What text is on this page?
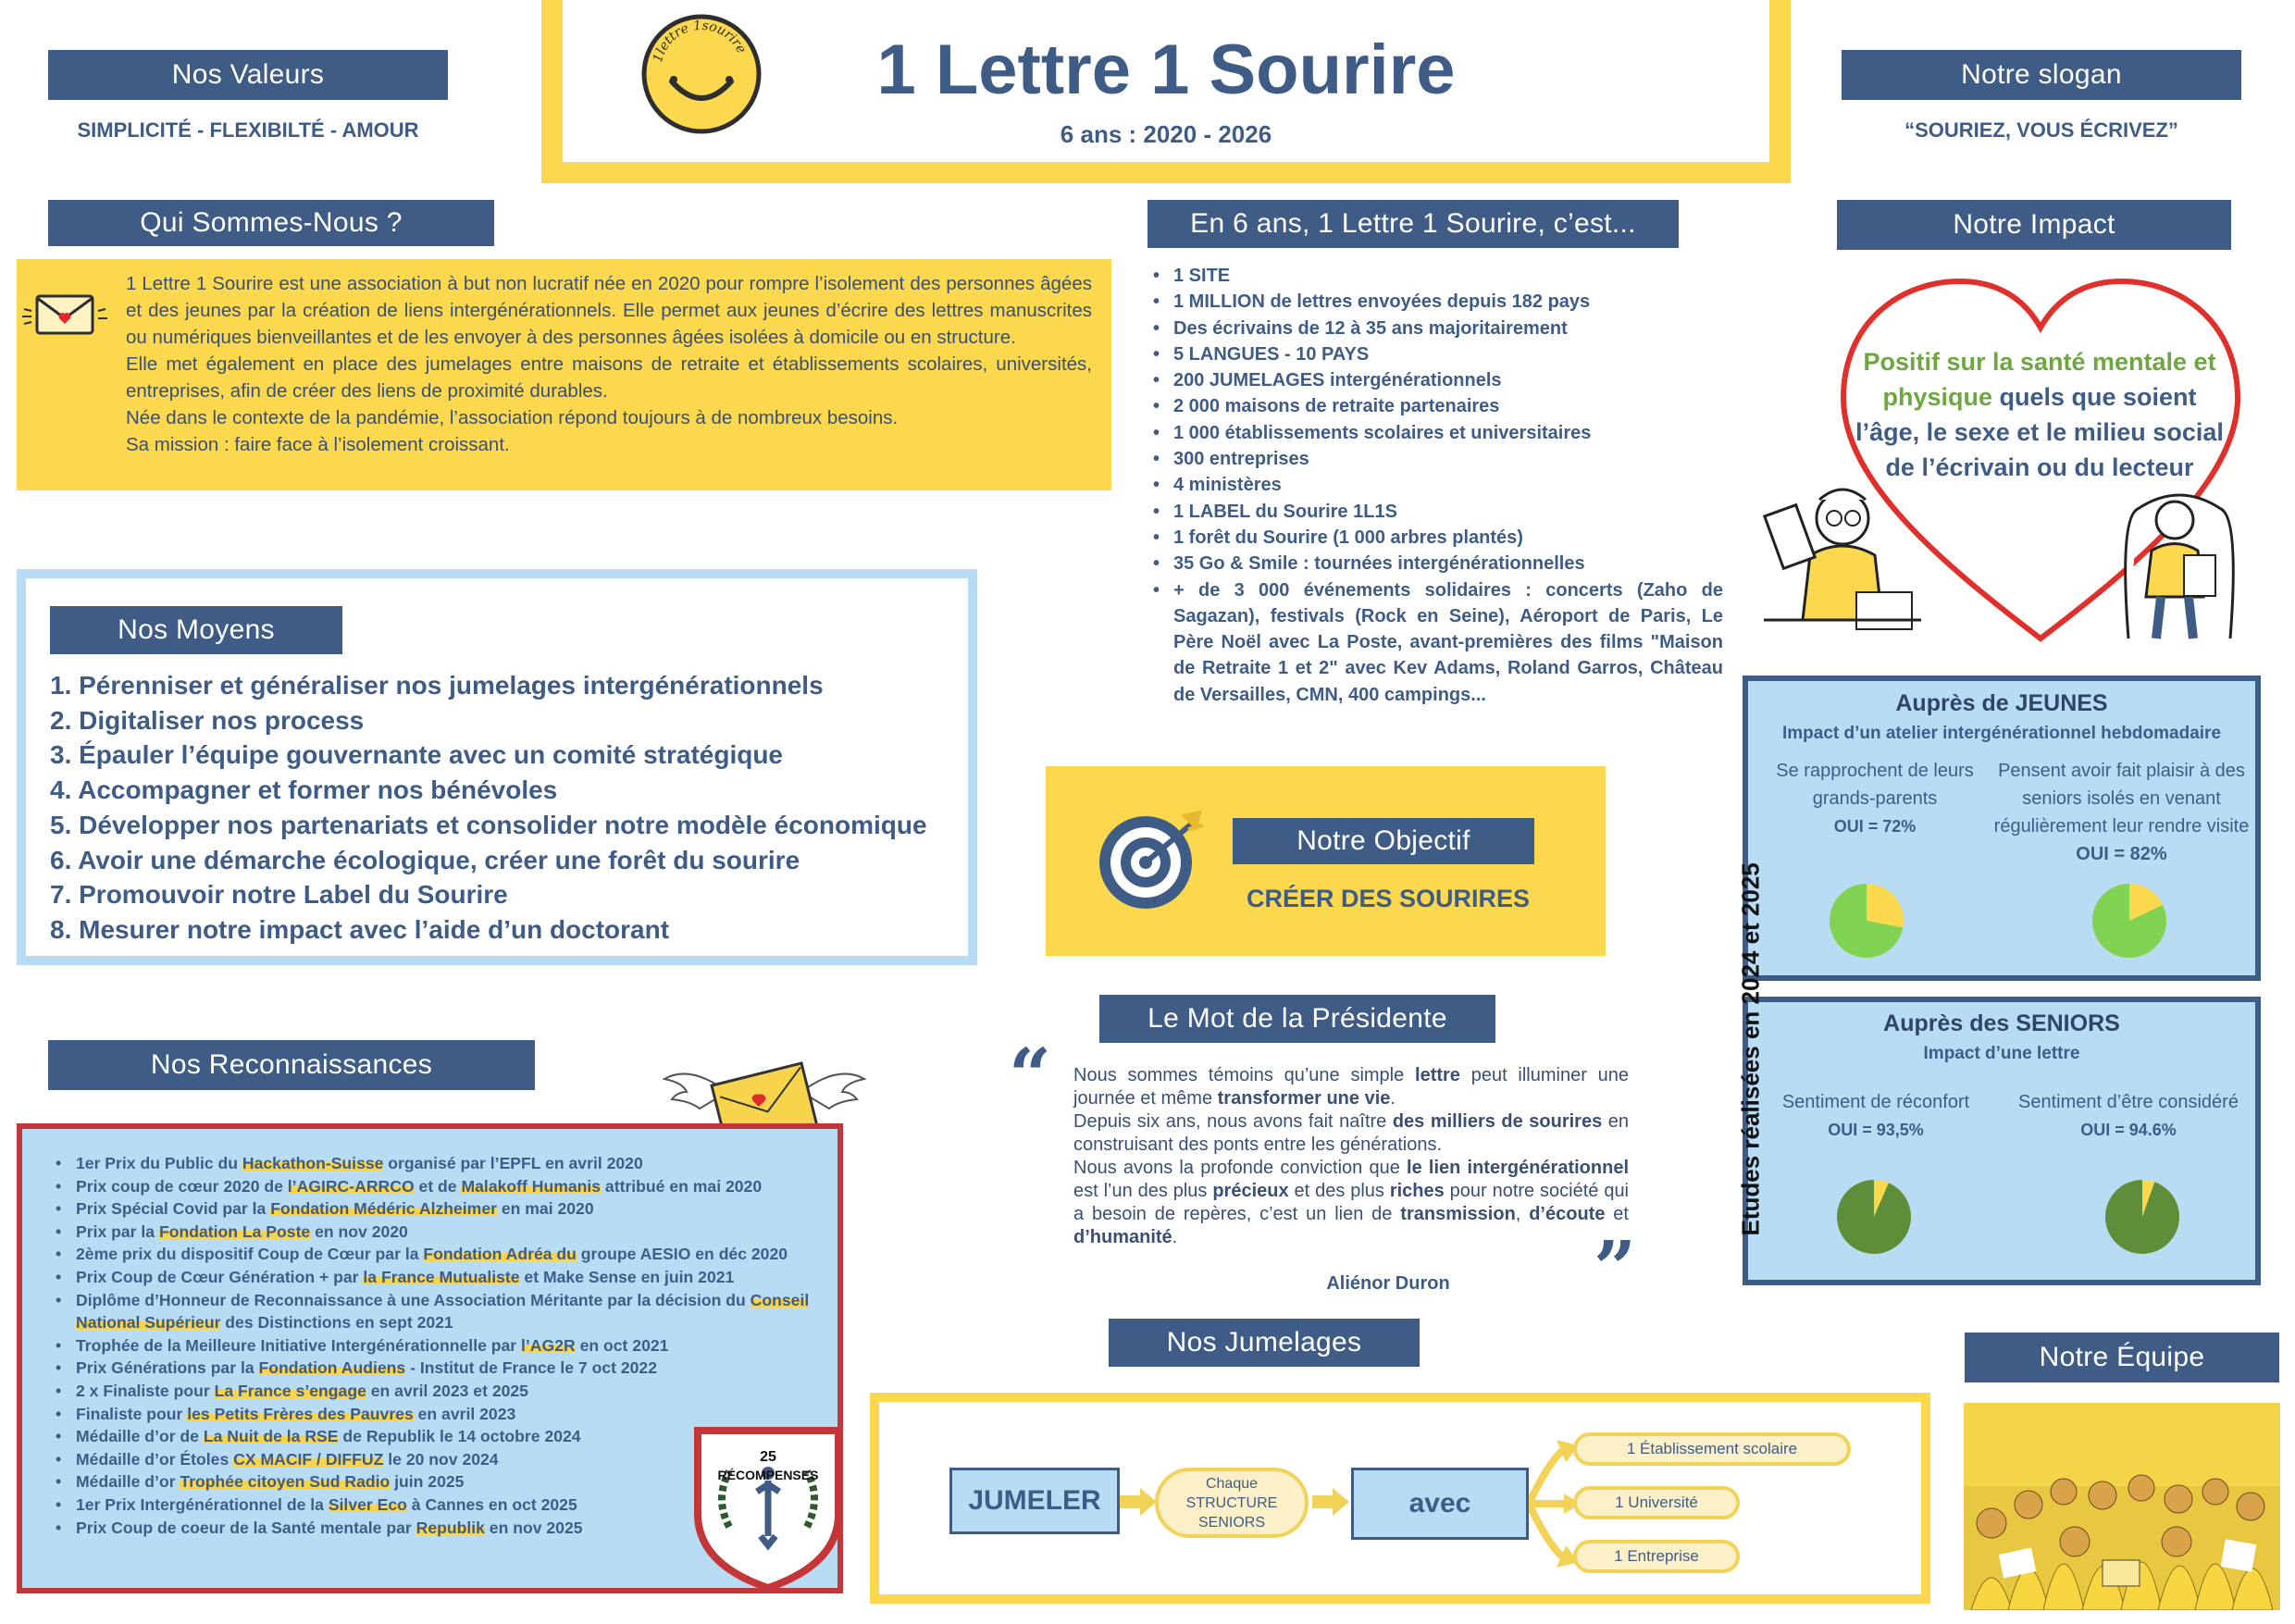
1lettre 1sourire	1 Lettre 1 Sourire
6 ans : 2020 - 2026
Nos Valeurs
SIMPLICITÉ - FLEXIBILTÉ - AMOUR
Notre slogan
“SOURIEZ, VOUS ÉCRIVEZ”
Qui Sommes-Nous ?
1 Lettre 1 Sourire est une association à but non lucratif née en 2020 pour rompre l’isolement des personnes âgées et des jeunes par la création de liens intergénérationnels. Elle permet aux jeunes d’écrire des lettres manuscrites ou numériques bienveillantes et de les envoyer à des personnes âgées isolées à domicile ou en structure.
Elle met également en place des jumelages entre maisons de retraite et établissements scolaires, universités, entreprises, afin de créer des liens de proximité durables.
Née dans le contexte de la pandémie, l’association répond toujours à de nombreux besoins.
Sa mission : faire face à l’isolement croissant.
En 6 ans, 1 Lettre 1 Sourire, c’est...
• 1 SITE
• 1 MILLION de lettres envoyées depuis 182 pays
• Des écrivains de 12 à 35 ans majoritairement
• 5 LANGUES - 10 PAYS
• 200 JUMELAGES intergénérationnels
• 2 000 maisons de retraite partenaires
• 1 000 établissements scolaires et universitaires
• 300 entreprises
• 4 ministères
• 1 LABEL du Sourire 1L1S
• 1 forêt du Sourire (1 000 arbres plantés)
• 35 Go & Smile : tournées intergénérationnelles
• + de 3 000 événements solidaires : concerts (Zaho de Sagazan), festivals (Rock en Seine), Aéroport de Paris, Le Père Noël avec La Poste, avant-premières des films "Maison de Retraite 1 et 2" avec Kev Adams, Roland Garros, Château de Versailles, CMN, 400 campings...
Notre Impact
Positif sur la santé mentale et physique quels que soient l’âge, le sexe et le milieu social de l’écrivain ou du lecteur
Auprès de JEUNES
Impact d’un atelier intergénérationnel hebdomadaire
Se rapprochent de leurs grands-parents
OUI = 72%
Pensent avoir fait plaisir à des seniors isolés en venant régulièrement leur rendre visite OUI = 82%
Auprès des SENIORS
Impact d’une lettre
Sentiment de réconfort
OUI = 93,5%
Sentiment d’être considéré
OUI = 94.6%
Etudes réalisées en 2024 et 2025
Nos Moyens
1. Pérenniser et généraliser nos jumelages intergénérationnels
2. Digitaliser nos process
3. Épauler l’équipe gouvernante avec un comité stratégique
4. Accompagner et former nos bénévoles
5. Développer nos partenariats et consolider notre modèle économique
6. Avoir une démarche écologique, créer une forêt du sourire
7. Promouvoir notre Label du Sourire
8. Mesurer notre impact avec l’aide d’un doctorant
Notre Objectif
CRÉER DES SOURIRES
Le Mot de la Présidente
“ Nous sommes témoins qu’une simple lettre peut illuminer une journée et même transformer une vie.
Depuis six ans, nous avons fait naître des milliers de sourires en construisant des ponts entre les générations.
Nous avons la profonde conviction que le lien intergénérationnel est l’un des plus précieux et des plus riches pour notre société qui a besoin de repères, c’est un lien de transmission, d’écoute et d’humanité.	”
Aliénor Duron
Nos Reconnaissances
• 1er Prix du Public du Hackathon-Suisse organisé par l’EPFL en avril 2020
• Prix coup de cœur 2020 de l’AGIRC-ARRCO et de Malakoff Humanis attribué en mai 2020
• Prix Spécial Covid par la Fondation Médéric Alzheimer en mai 2020
• Prix par la Fondation La Poste en nov 2020
• 2ème prix du dispositif Coup de Cœur par la Fondation Adréa du groupe AESIO en déc 2020
• Prix Coup de Cœur Génération + par la France Mutualiste et Make Sense en juin 2021
• Diplôme d’Honneur de Reconnaissance à une Association Méritante par la décision du Conseil National Supérieur des Distinctions en sept 2021
• Trophée de la Meilleure Initiative Intergénérationnelle par l’AG2R en oct 2021
• Prix Générations par la Fondation Audiens - Institut de France le 7 oct 2022
• 2 x Finaliste pour La France s’engage en avril 2023 et 2025
• Finaliste pour les Petits Frères des Pauvres en avril 2023
• Médaille d’or de La Nuit de la RSE de Republik le 14 octobre 2024
• Médaille d’or Étoles CX MACIF / DIFFUZ le 20 nov 2024
• Médaille d’or Trophée citoyen Sud Radio juin 2025
• 1er Prix Intergénérationnel de la Silver Eco à Cannes en oct 2025
• Prix Coup de coeur de la Santé mentale par Republik en nov 2025
25
RÉCOMPENSES
Nos Jumelages
JUMELER
Chaque STRUCTURE SENIORS
avec
1 Établissement scolaire
1 Université
1 Entreprise
Notre Équipe
